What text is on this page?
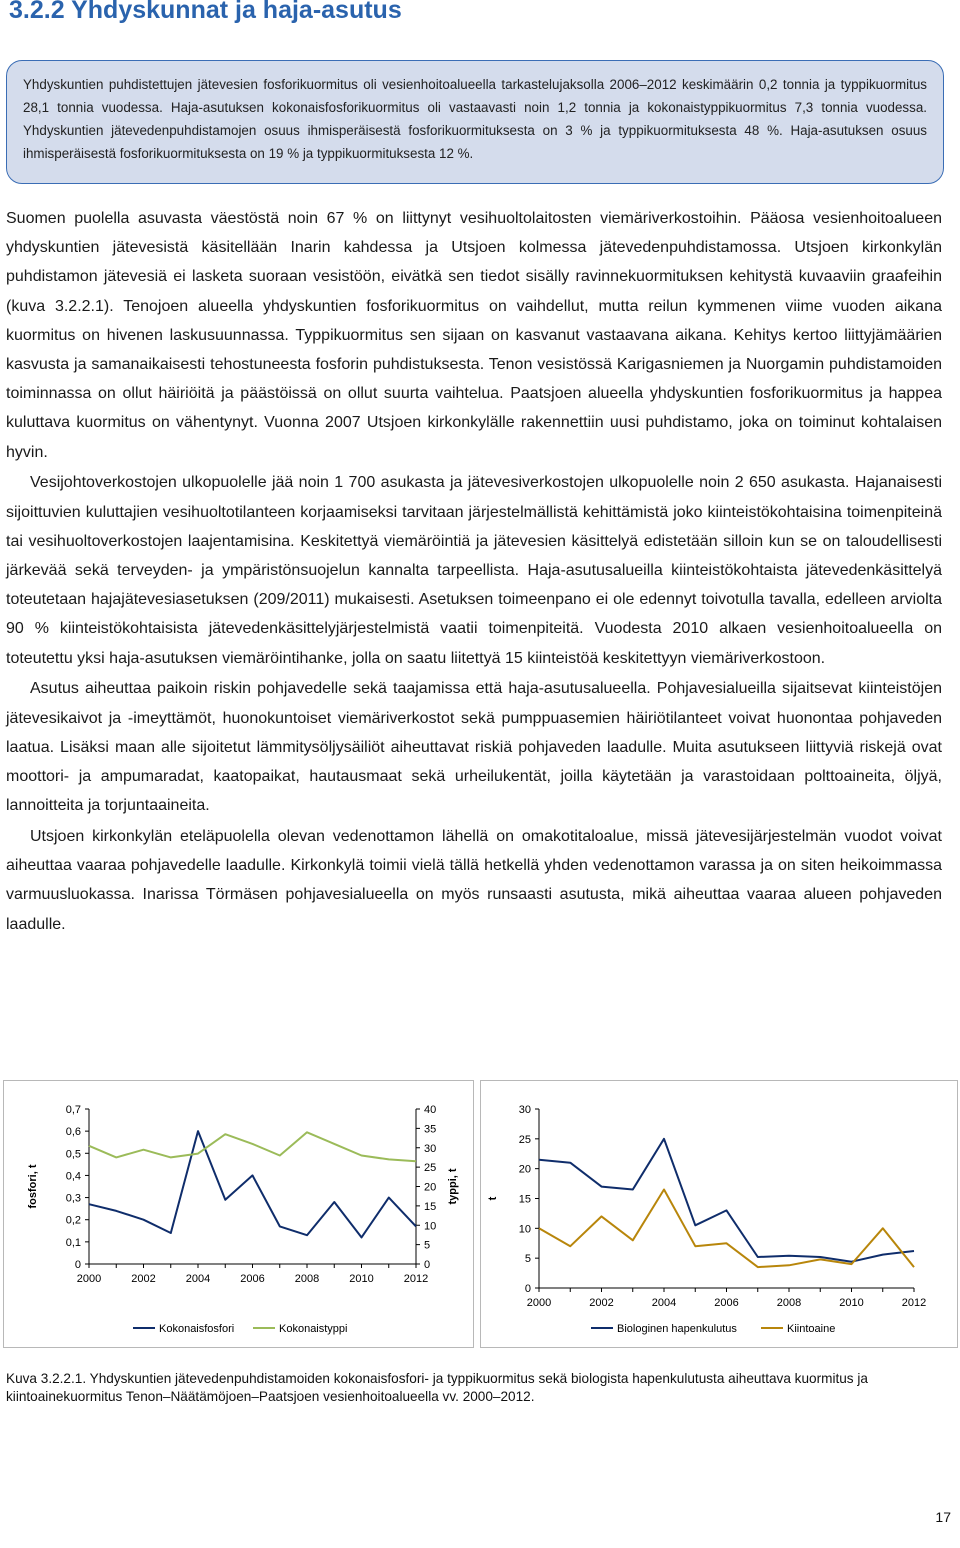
3.2.2 Yhdyskunnat ja haja-asutus

Yhdyskuntien puhdistettujen jätevesien fosforikuormitus oli vesienhoitoalueella tarkastelujaksolla 2006–2012 keskimäärin 0,2 tonnia ja typpikuormitus 28,1 tonnia vuodessa. Haja-asutuksen kokonaisfosforikuormitus oli vastaavasti noin 1,2 tonnia ja kokonaistyppikuormitus 7,3 tonnia vuodessa. Yhdyskuntien jätevedenpuhdistamojen osuus ihmisperäisestä fosforikuormituksesta on 3 % ja typpikuormituksesta 48 %. Haja-asutuksen osuus ihmisperäisestä fosforikuormituksesta on 19 % ja typpikuormituksesta 12 %.

Suomen puolella asuvasta väestöstä noin 67 % on liittynyt vesihuoltolaitosten viemäriverkostoihin. Pääosa vesienhoitoalueen yhdyskuntien jätevesistä käsitellään Inarin kahdessa ja Utsjoen kolmessa jätevedenpuhdistamossa. Utsjoen kirkonkylän puhdistamon jätevesiä ei lasketa suoraan vesistöön, eivätkä sen tiedot sisälly ravinnekuormituksen kehitystä kuvaaviin graafeihin (kuva 3.2.2.1). Tenojoen alueella yhdyskuntien fosforikuormitus on vaihdellut, mutta reilun kymmenen viime vuoden aikana kuormitus on hivenen laskusuunnassa. Typpikuormitus sen sijaan on kasvanut vastaavana aikana. Kehitys kertoo liittyjämäärien kasvusta ja samanaikaisesti tehostuneesta fosforin puhdistuksesta. Tenon vesistössä Karigasniemen ja Nuorgamin puhdistamoiden toiminnassa on ollut häiriöitä ja päästöissä on ollut suurta vaihtelua. Paatsjoen alueella yhdyskuntien fosforikuormitus ja happea kuluttava kuormitus on vähentynyt. Vuonna 2007 Utsjoen kirkonkylälle rakennettiin uusi puhdistamo, joka on toiminut kohtalaisen hyvin.

Vesijohtoverkostojen ulkopuolelle jää noin 1 700 asukasta ja jätevesiverkostojen ulkopuolelle noin 2 650 asukasta. Hajanaisesti sijoittuvien kuluttajien vesihuoltotilanteen korjaamiseksi tarvitaan järjestelmällistä kehittämistä joko kiinteistökohtaisina toimenpiteinä tai vesihuoltoverkostojen laajentamisina. Keskitettyä viemäröintiä ja jätevesien käsittelyä edistetään silloin kun se on taloudellisesti järkevää sekä terveyden- ja ympäristönsuojelun kannalta tarpeellista. Haja-asutusalueilla kiinteistökohtaista jätevedenkäsittelyä toteutetaan hajajätevesiasetuksen (209/2011) mukaisesti. Asetuksen toimeenpano ei ole edennyt toivotulla tavalla, edelleen arviolta 90 % kiinteistökohtaisista jätevedenkäsittelyjärjestelmistä vaatii toimenpiteitä. Vuodesta 2010 alkaen vesienhoitoalueella on toteutettu yksi haja-asutuksen viemäröintihanke, jolla on saatu liitettyä 15 kiinteistöä keskitettyyn viemäriverkostoon.

Asutus aiheuttaa paikoin riskin pohjavedelle sekä taajamissa että haja-asutusalueella. Pohjavesialueilla sijaitsevat kiinteistöjen jätevesikaivot ja -imeyttämöt, huonokuntoiset viemäriverkostot sekä pumppuasemien häiriötilanteet voivat huonontaa pohjaveden laatua. Lisäksi maan alle sijoitetut lämmitysöljysäiliöt aiheuttavat riskiä pohjaveden laadulle. Muita asutukseen liittyviä riskejä ovat moottori- ja ampumaradat, kaatopaikat, hautausmaat sekä urheilukentät, joilla käytetään ja varastoidaan polttoaineita, öljyä, lannoitteita ja torjuntaaineita.

Utsjoen kirkonkylän eteläpuolella olevan vedenottamon lähellä on omakotitaloalue, missä jätevesijärjestelmän vuodot voivat aiheuttaa vaaraa pohjavedelle laadulle. Kirkonkylä toimii vielä tällä hetkellä yhden vedenottamon varassa ja on siten heikoimmassa varmuusluokassa. Inarissa Törmäsen pohjavesialueella on myös runsaasti asutusta, mikä aiheuttaa vaaraa alueen pohjaveden laadulle.

0
0,1
0,2
0,3
0,4
0,5
0,6
0,7
0
5
10
15
20
25
30
35
40
2000	2002	2004	2006	2008	2010	2012
fosfori, t	typpi, t
Kokonaisfosfori	Kokonaistyppi
0
5
10
15
20
25
30
2000	2002	2004	2006	2008	2010	2012
t
Biologinen hapenkulutus	Kiintoaine

Kuva 3.2.2.1. Yhdyskuntien jätevedenpuhdistamoiden kokonaisfosfori- ja typpikuormitus sekä biologista hapenkulutusta aiheuttava kuormitus ja kiintoainekuormitus Tenon–Näätämöjoen–Paatsjoen vesienhoitoalueella vv. 2000–2012.

17
